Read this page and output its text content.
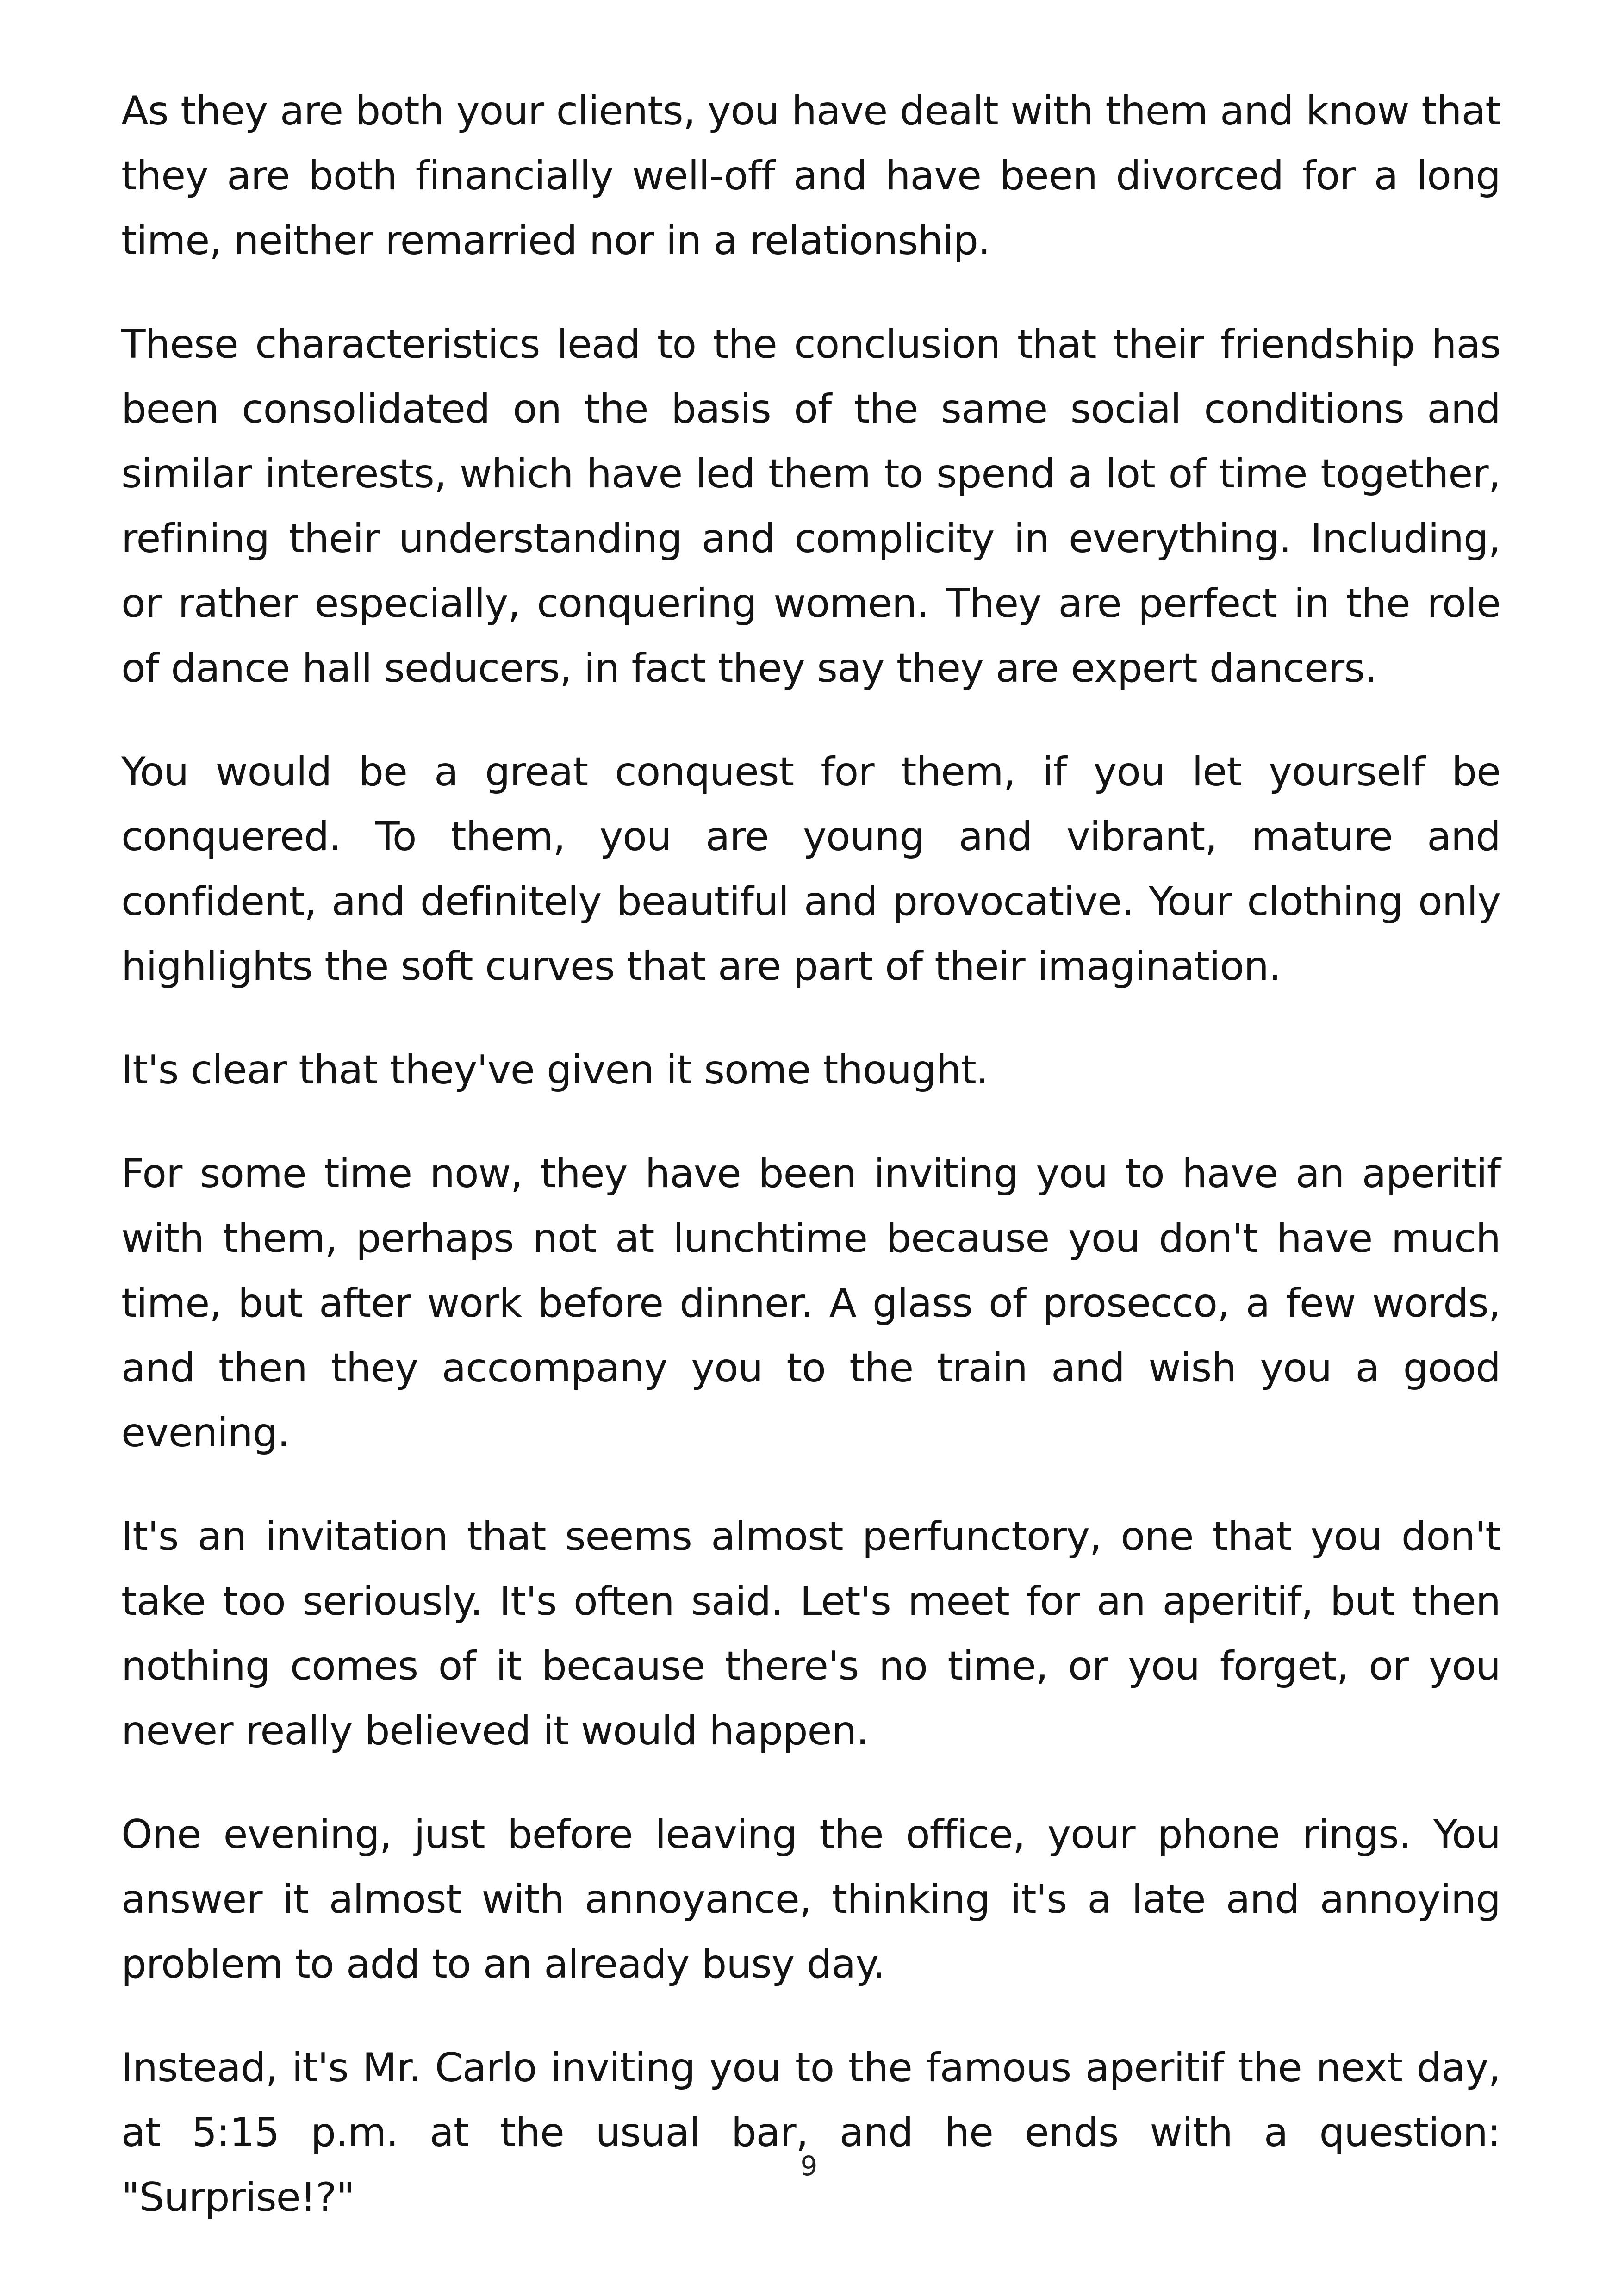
As they are both your clients, you have dealt with them and know that they are both financially well-off and have been divorced for a long time, neither remarried nor in a relationship.

These characteristics lead to the conclusion that their friendship has been consolidated on the basis of the same social conditions and similar interests, which have led them to spend a lot of time together, refining their understanding and complicity in everything. Including, or rather especially, conquering women. They are perfect in the role of dance hall seducers, in fact they say they are expert dancers.

You would be a great conquest for them, if you let yourself be conquered. To them, you are young and vibrant, mature and confident, and definitely beautiful and provocative. Your clothing only highlights the soft curves that are part of their imagination.

It's clear that they've given it some thought.

For some time now, they have been inviting you to have an aperitif with them, perhaps not at lunchtime because you don't have much time, but after work before dinner. A glass of prosecco, a few words, and then they accompany you to the train and wish you a good evening.

It's an invitation that seems almost perfunctory, one that you don't take too seriously. It's often said. Let's meet for an aperitif, but then nothing comes of it because there's no time, or you forget, or you never really believed it would happen.

One evening, just before leaving the office, your phone rings. You answer it almost with annoyance, thinking it's a late and annoying problem to add to an already busy day.

Instead, it's Mr. Carlo inviting you to the famous aperitif the next day, at 5:15 p.m. at the usual bar, and he ends with a question: "Surprise!?"

9
